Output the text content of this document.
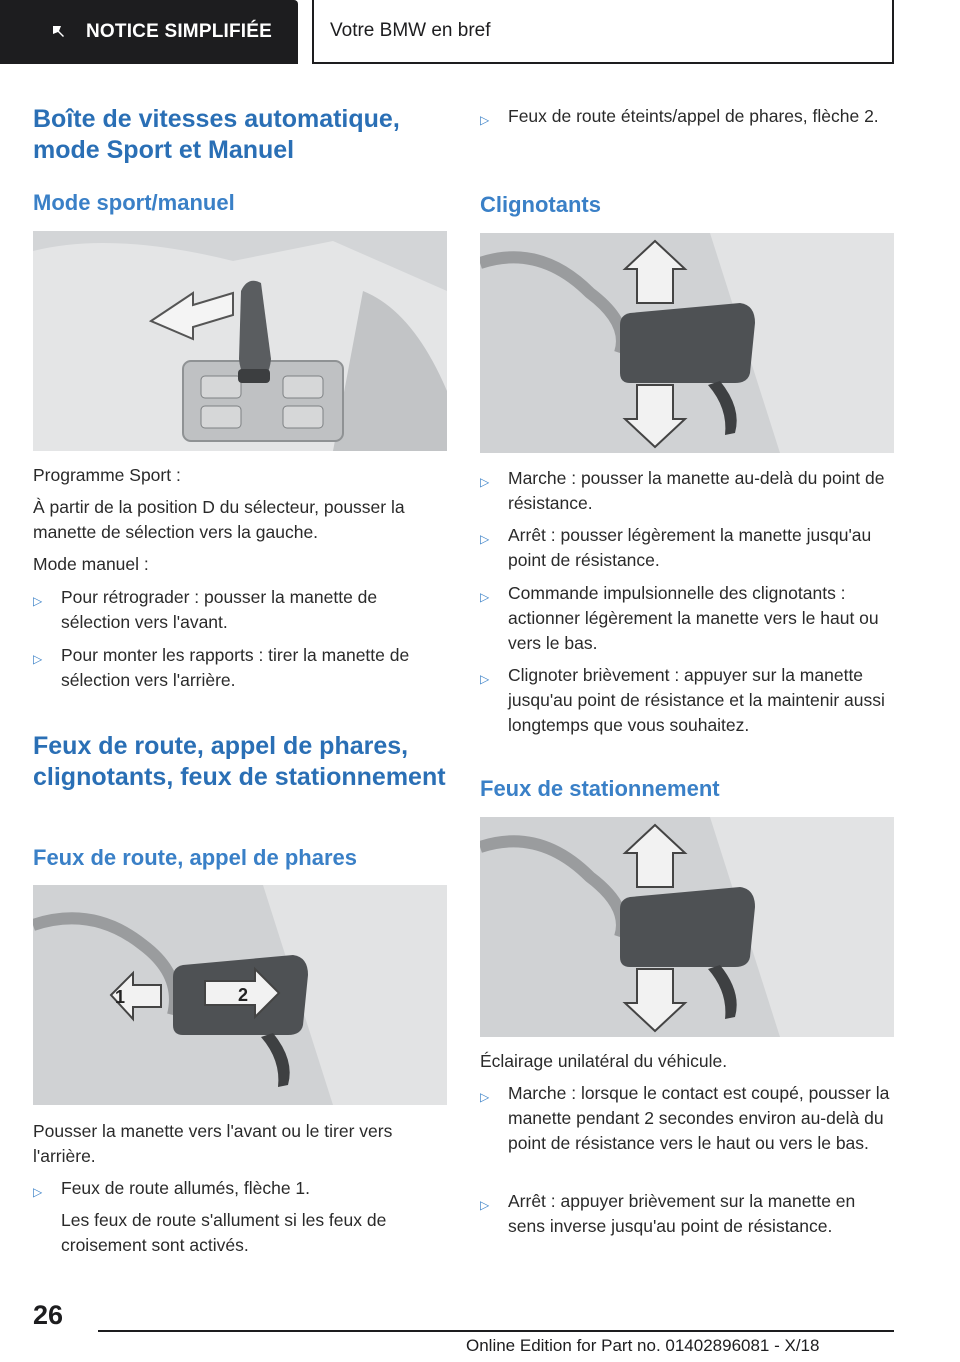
NOTICE SIMPLIFIÉE	Votre BMW en bref
Boîte de vitesses automatique, mode Sport et Manuel
Mode sport/manuel
Programme Sport :
À partir de la position D du sélecteur, pousser la manette de sélection vers la gauche.
Mode manuel :
▷ Pour rétrograder : pousser la manette de sélection vers l'avant.
▷ Pour monter les rapports : tirer la manette de sélection vers l'arrière.
Feux de route, appel de phares, clignotants, feux de stationnement
Feux de route, appel de phares
1	2
Pousser la manette vers l'avant ou le tirer vers l'arrière.
▷ Feux de route allumés, flèche 1.
Les feux de route s'allument si les feux de croisement sont activés.
▷ Feux de route éteints/appel de phares, flèche 2.
Clignotants
▷ Marche : pousser la manette au-delà du point de résistance.
▷ Arrêt : pousser légèrement la manette jusqu'au point de résistance.
▷ Commande impulsionnelle des clignotants : actionner légèrement la manette vers le haut ou vers le bas.
▷ Clignoter brièvement : appuyer sur la manette jusqu'au point de résistance et la maintenir aussi longtemps que vous souhaitez.
Feux de stationnement
Éclairage unilatéral du véhicule.
▷ Marche : lorsque le contact est coupé, pousser la manette pendant 2 secondes environ au-delà du point de résistance vers le haut ou vers le bas.
▷ Arrêt : appuyer brièvement sur la manette en sens inverse jusqu'au point de résistance.
26
Online Edition for Part no. 01402896081 - X/18
